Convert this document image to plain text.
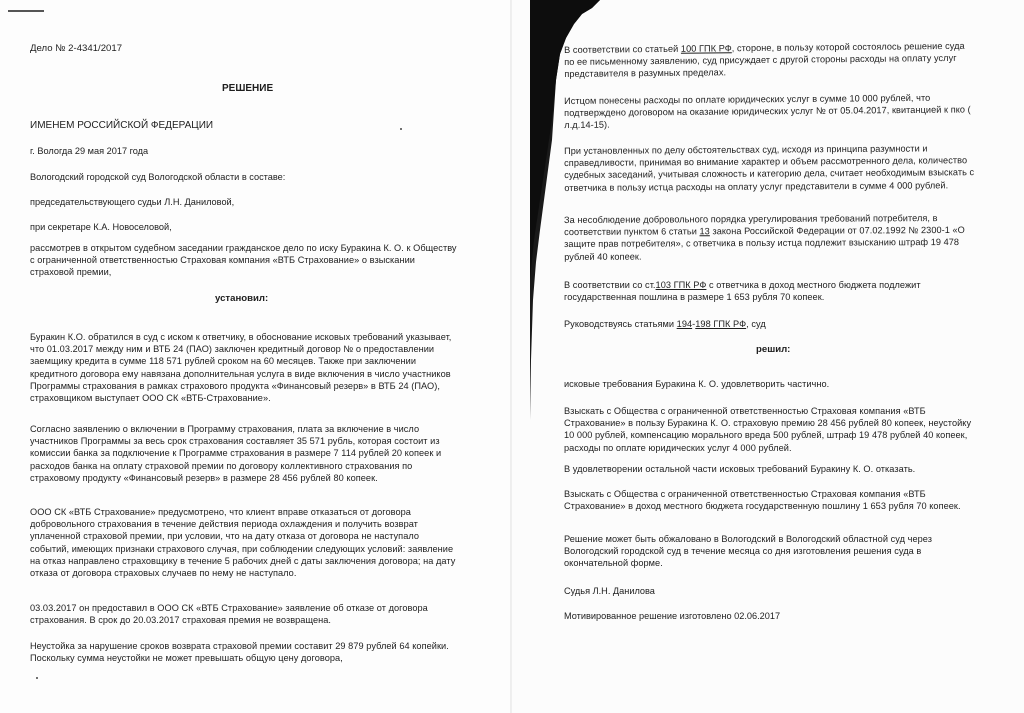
Дело № 2-4341/2017

РЕШЕНИЕ

ИМЕНЕМ РОССИЙСКОЙ ФЕДЕРАЦИИ

г. Вологда 29 мая 2017 года

Вологодский городской суд Вологодской области в составе:

председательствующего судьи Л.Н. Даниловой,

при секретаре К.А. Новоселовой,

рассмотрев в открытом судебном заседании гражданское дело по иску Буракина К. О. к Обществу с ограниченной ответственностью Страховая компания «ВТБ Страхование» о взыскании страховой премии,

установил:

Буракин К.О. обратился в суд с иском к ответчику, в обоснование исковых требований указывает, что 01.03.2017 между ним и ВТБ 24 (ПАО) заключен кредитный договор № о предоставлении заемщику кредита в сумме 118 571 рублей сроком на 60 месяцев. Также при заключении кредитного договора ему навязана дополнительная услуга в виде включения в число участников Программы страхования в рамках страхового продукта «Финансовый резерв» в ВТБ 24 (ПАО), страховщиком выступает ООО СК «ВТБ-Страхование».

Согласно заявлению о включении в Программу страхования, плата за включение в число участников Программы за весь срок страхования составляет 35 571 рубль, которая состоит из комиссии банка за подключение к Программе страхования в размере 7 114 рублей 20 копеек и расходов банка на оплату страховой премии по договору коллективного страхования по страховому продукту «Финансовый резерв» в размере 28 456 рублей 80 копеек.

ООО СК «ВТБ Страхование» предусмотрено, что клиент вправе отказаться от договора добровольного страхования в течение действия периода охлаждения и получить возврат уплаченной страховой премии, при условии, что на дату отказа от договора не наступало событий, имеющих признаки страхового случая, при соблюдении следующих условий: заявление на отказ направлено страховщику в течение 5 рабочих дней с даты заключения договора; на дату отказа от договора страховых случаев по нему не наступало.

03.03.2017 он предоставил в ООО СК «ВТБ Страхование» заявление об отказе от договора страхования. В срок до 20.03.2017 страховая премия не возвращена.

Неустойка за нарушение сроков возврата страховой премии составит 29 879 рублей 64 копейки. Поскольку сумма неустойки не может превышать общую цену договора,

В соответствии со статьей 100 ГПК РФ, стороне, в пользу которой состоялось решение суда по ее письменному заявлению, суд присуждает с другой стороны расходы на оплату услуг представителя в разумных пределах.

Истцом понесены расходы по оплате юридических услуг в сумме 10 000 рублей, что подтверждено договором на оказание юридических услуг № от 05.04.2017, квитанцией к пко ( л.д.14-15).

При установленных по делу обстоятельствах суд, исходя из принципа разумности и справедливости, принимая во внимание характер и объем рассмотренного дела, количество судебных заседаний, учитывая сложность и категорию дела, считает необходимым взыскать с ответчика в пользу истца расходы на оплату услуг представители в сумме 4 000 рублей.

За несоблюдение добровольного порядка урегулирования требований потребителя, в соответствии пунктом 6 статьи 13 закона Российской Федерации от 07.02.1992 № 2300-1 «О защите прав потребителя», с ответчика в пользу истца подлежит взысканию штраф 19 478 рублей 40 копеек.

В соответствии со ст.103 ГПК РФ с ответчика в доход местного бюджета подлежит государственная пошлина в размере 1 653 рубля 70 копеек.

Руководствуясь статьями 194-198 ГПК РФ, суд

решил:

исковые требования Буракина К. О. удовлетворить частично.

Взыскать с Общества с ограниченной ответственностью Страховая компания «ВТБ Страхование» в пользу Буракина К. О. страховую премию 28 456 рублей 80 копеек, неустойку 10 000 рублей, компенсацию морального вреда 500 рублей, штраф 19 478 рублей 40 копеек, расходы по оплате юридических услуг 4 000 рублей.

В удовлетворении остальной части исковых требований Буракину К. О. отказать.

Взыскать с Общества с ограниченной ответственностью Страховая компания «ВТБ Страхование» в доход местного бюджета государственную пошлину 1 653 рубля 70 копеек.

Решение может быть обжаловано в Вологодский в Вологодский областной суд через Вологодский городской суд в течение месяца со дня изготовления решения суда в окончательной форме.

Судья Л.Н. Данилова

Мотивированное решение изготовлено 02.06.2017
